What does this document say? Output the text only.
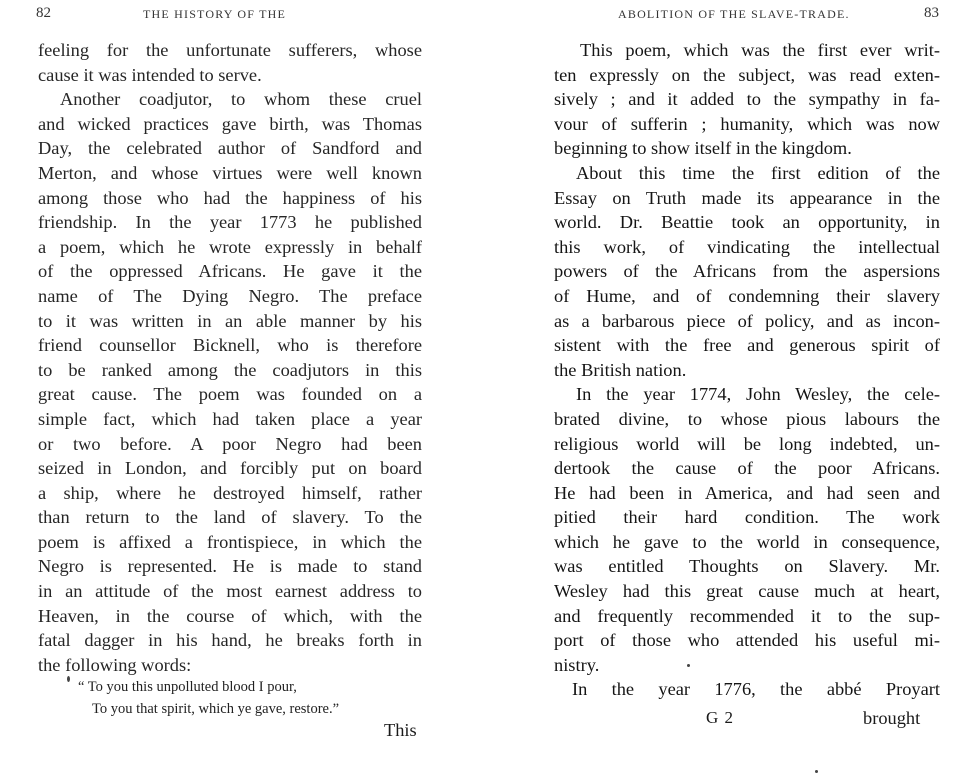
82	THE HISTORY OF THE
feeling for the unfortunate sufferers, whose
cause it was intended to serve.
Another coadjutor, to whom these cruel
and wicked practices gave birth, was Thomas
Day, the celebrated author of Sandford and
Merton, and whose virtues were well known
among those who had the happiness of his
friendship. In the year 1773 he published
a poem, which he wrote expressly in behalf
of the oppressed Africans. He gave it the
name of The Dying Negro. The preface
to it was written in an able manner by his
friend counsellor Bicknell, who is therefore
to be ranked among the coadjutors in this
great cause. The poem was founded on a
simple fact, which had taken place a year
or two before. A poor Negro had been
seized in London, and forcibly put on board
a ship, where he destroyed himself, rather
than return to the land of slavery. To the
poem is affixed a frontispiece, in which the
Negro is represented. He is made to stand
in an attitude of the most earnest address to
Heaven, in the course of which, with the
fatal dagger in his hand, he breaks forth in
the following words:
“ To you this unpolluted blood I pour,
To you that spirit, which ye gave, restore.”
This
ABOLITION OF THE SLAVE-TRADE.	83
This poem, which was the first ever writ-
ten expressly on the subject, was read exten-
sively ; and it added to the sympathy in fa-
vour of sufferin ; humanity, which was now
beginning to show itself in the kingdom.
About this time the first edition of the
Essay on Truth made its appearance in the
world. Dr. Beattie took an opportunity, in
this work, of vindicating the intellectual
powers of the Africans from the aspersions
of Hume, and of condemning their slavery
as a barbarous piece of policy, and as incon-
sistent with the free and generous spirit of
the British nation.
In the year 1774, John Wesley, the cele-
brated divine, to whose pious labours the
religious world will be long indebted, un-
dertook the cause of the poor Africans.
He had been in America, and had seen and
pitied their hard condition. The work
which he gave to the world in consequence,
was entitled Thoughts on Slavery. Mr.
Wesley had this great cause much at heart,
and frequently recommended it to the sup-
port of those who attended his useful mi-
nistry.
In the year 1776, the abbé Proyart
G 2	brought
